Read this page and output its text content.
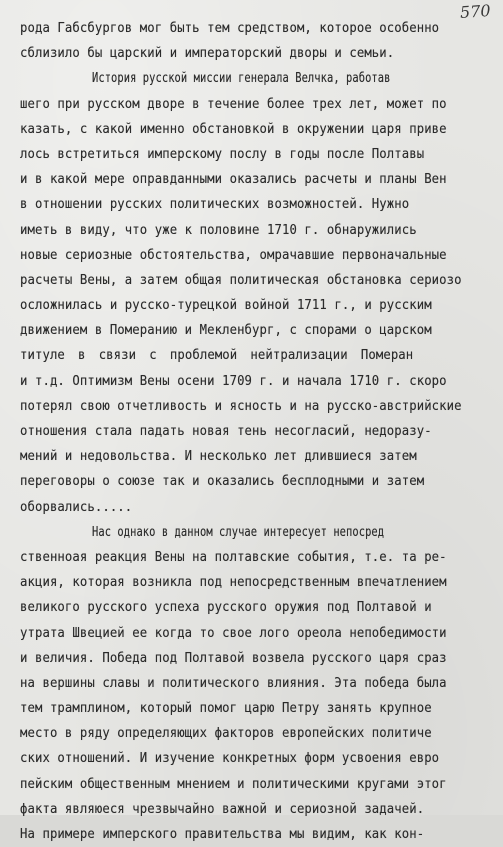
570
рода Габсбургов мог быть тем средством, которое особенно
сблизило бы царский и императорский дворы и семьи.
История русской миссии генерала Велчка, работав
шего при русском дворе в течение более трех лет, может по
казать, с какой именно обстановкой в окружении царя приве
лось встретиться имперскому послу в годы после Полтавы
и в какой мере оправданными оказались расчеты и планы Вен
в отношении русских политических возможностей. Нужно
иметь в виду, что уже к половине 1710 г. обнаружились
новые сериозные обстоятельства, омрачавшие первоначальные
расчеты Вены, а затем общая политическая обстановка сериозо
осложнилась и русско-турецкой войной 1711 г., и русским
движением в Померанию и Мекленбург, с спорами о царском
титуле в связи с проблемой нейтрализации Померан
и т.д. Оптимизм Вены осени 1709 г. и начала 1710 г. скоро
потерял свою отчетливость и ясность и на русско-австрийские
отношения стала падать новая тень несогласий, недоразу-
мений и недовольства. И несколько лет длившиеся затем
переговоры о союзе так и оказались бесплодными и затем
оборвались.....
Нас однако в данном случае интересует непосред
ственноая реакция Вены на полтавские события, т.е. та ре-
акция, которая возникла под непосредственным впечатлением
великого русского успеха русского оружия под Полтавой и
утрата Швецией ее когда то свое лого ореола непобедимости
и величия. Победа под Полтавой возвела русского царя сраз
на вершины славы и политического влияния. Эта победа была
тем трамплином, который помог царю Петру занять крупное
место в ряду определяющих факторов европейских политиче
ских отношений. И изучение конкретных форм усвоения евро
пейским общественным мнением и политическими кругами этог
факта являюеся чрезвычайно важной и сериозной задачей.
На примере имперского правительства мы видим, как кон-
